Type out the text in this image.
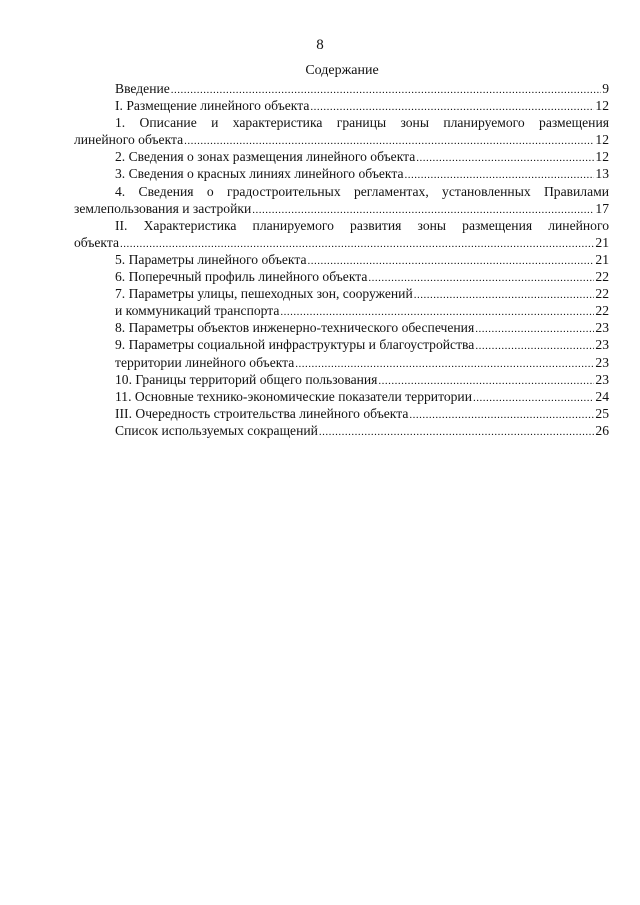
8
Содержание
Введение .....	9
I. Размещение линейного объекта .....	12
1. Описание и характеристика границы зоны планируемого размещения
линейного объекта .....	12
2. Сведения о зонах размещения линейного объекта .....	12
3. Сведения о красных линиях линейного объекта .....	13
4. Сведения о градостроительных регламентах, установленных Правилами
землепользования и застройки .....	17
II. Характеристика планируемого развития зоны размещения линейного
объекта .....	21
5. Параметры линейного объекта .....	21
6. Поперечный профиль линейного объекта .....	22
7. Параметры улицы, пешеходных зон, сооружений .....	22
и коммуникаций транспорта .....	22
8. Параметры объектов инженерно-технического обеспечения .....	23
9. Параметры социальной инфраструктуры и благоустройства .....	23
территории линейного объекта .....	23
10. Границы территорий общего пользования .....	23
11. Основные технико-экономические показатели территории .....	24
III. Очередность строительства линейного объекта .....	25
Список используемых сокращений .....	26
